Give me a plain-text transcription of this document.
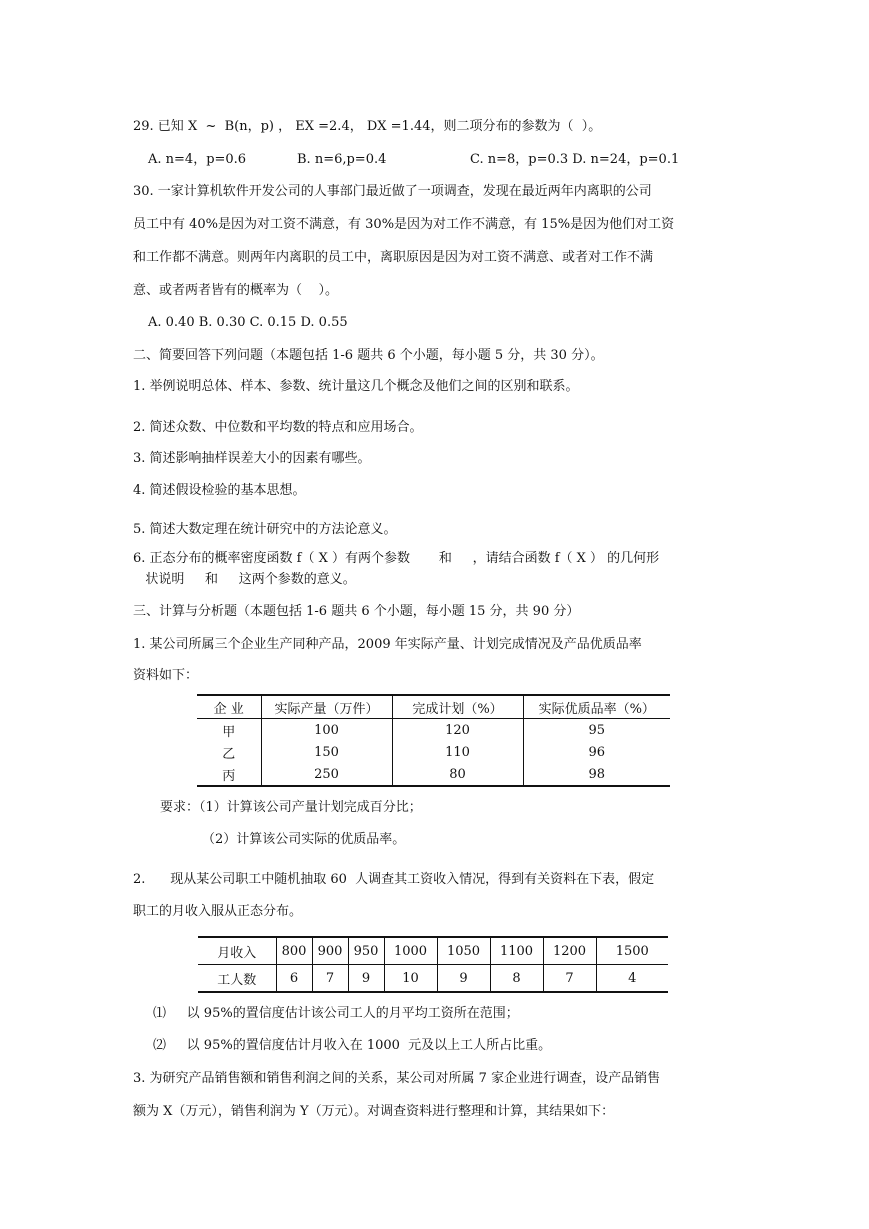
29. 已知 X  ~  B(n，p) ， EX =2.4， DX =1.44，则二项分布的参数为（  ）。
A. n=4，p=0.6	B. n=6,p=0.4	C. n=8，p=0.3 D. n=24，p=0.1
30. 一家计算机软件开发公司的人事部门最近做了一项调查，发现在最近两年内离职的公司
员工中有 40%是因为对工资不满意，有 30%是因为对工作不满意，有 15%是因为他们对工资
和工作都不满意。则两年内离职的员工中，离职原因是因为对工资不满意、或者对工作不满
意、或者两者皆有的概率为（    ）。
A. 0.40 B. 0.30 C. 0.15 D. 0.55
二、简要回答下列问题（本题包括 1-6 题共 6 个小题，每小题 5 分，共 30 分）。
1. 举例说明总体、样本、参数、统计量这几个概念及他们之间的区别和联系。
2. 简述众数、中位数和平均数的特点和应用场合。
3. 简述影响抽样误差大小的因素有哪些。
4. 简述假设检验的基本思想。
5. 简述大数定理在统计研究中的方法论意义。
6. 正态分布的概率密度函数 f（ X ）有两个参数       和     ，请结合函数 f（ X ） 的几何形
状说明     和     这两个参数的意义。
三、计算与分析题（本题包括 1-6 题共 6 个小题，每小题 15 分，共 90 分）
1. 某公司所属三个企业生产同种产品，2009 年实际产量、计划完成情况及产品优质品率
资料如下：
要求：（1）计算该公司产量计划完成百分比；
（2）计算该公司实际的优质品率。
2.      现从某公司职工中随机抽取 60  人调查其工资收入情况，得到有关资料在下表，假定
职工的月收入服从正态分布。
⑴     以 95%的置信度估计该公司工人的月平均工资所在范围；
⑵     以 95%的置信度估计月收入在 1000  元及以上工人所占比重。
3. 为研究产品销售额和销售利润之间的关系，某公司对所属 7 家企业进行调查，设产品销售
额为 X（万元），销售利润为 Y（万元）。对调查资料进行整理和计算，其结果如下：
企 业	实际产量（万件）	完成计划（%）	实际优质品率（%）
甲	100	120	95
乙	150	110	96
丙	250	80	98
月收入	800	900	950	1000	1050	1100	1200	1500
工人数	6	7	9	10	9	8	7	4
